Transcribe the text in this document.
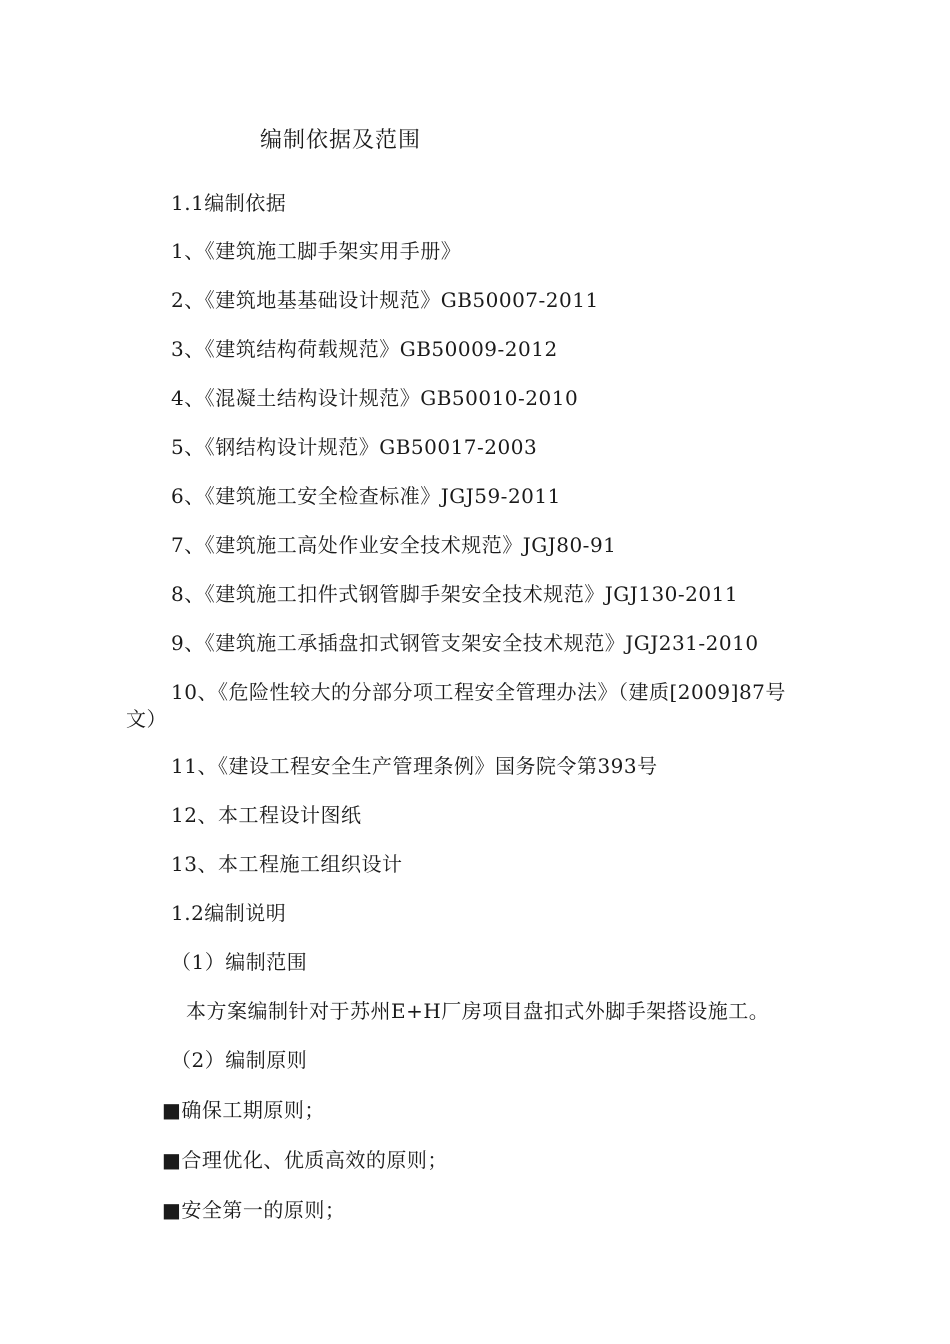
编制依据及范围
1.1编制依据
1、《建筑施工脚手架实用手册》
2、《建筑地基基础设计规范》GB50007-2011
3、《建筑结构荷载规范》GB50009-2012
4、《混凝土结构设计规范》GB50010-2010
5、《钢结构设计规范》GB50017-2003
6、《建筑施工安全检查标准》JGJ59-2011
7、《建筑施工高处作业安全技术规范》JGJ80-91
8、《建筑施工扣件式钢管脚手架安全技术规范》JGJ130-2011
9、《建筑施工承插盘扣式钢管支架安全技术规范》JGJ231-2010
10、《危险性较大的分部分项工程安全管理办法》（建质[2009]87号
文）
11、《建设工程安全生产管理条例》国务院令第393号
12、本工程设计图纸
13、本工程施工组织设计
1.2编制说明
（1）编制范围
本方案编制针对于苏州E+H厂房项目盘扣式外脚手架搭设施工。
（2）编制原则
■确保工期原则；
■合理优化、优质高效的原则；
■安全第一的原则；
